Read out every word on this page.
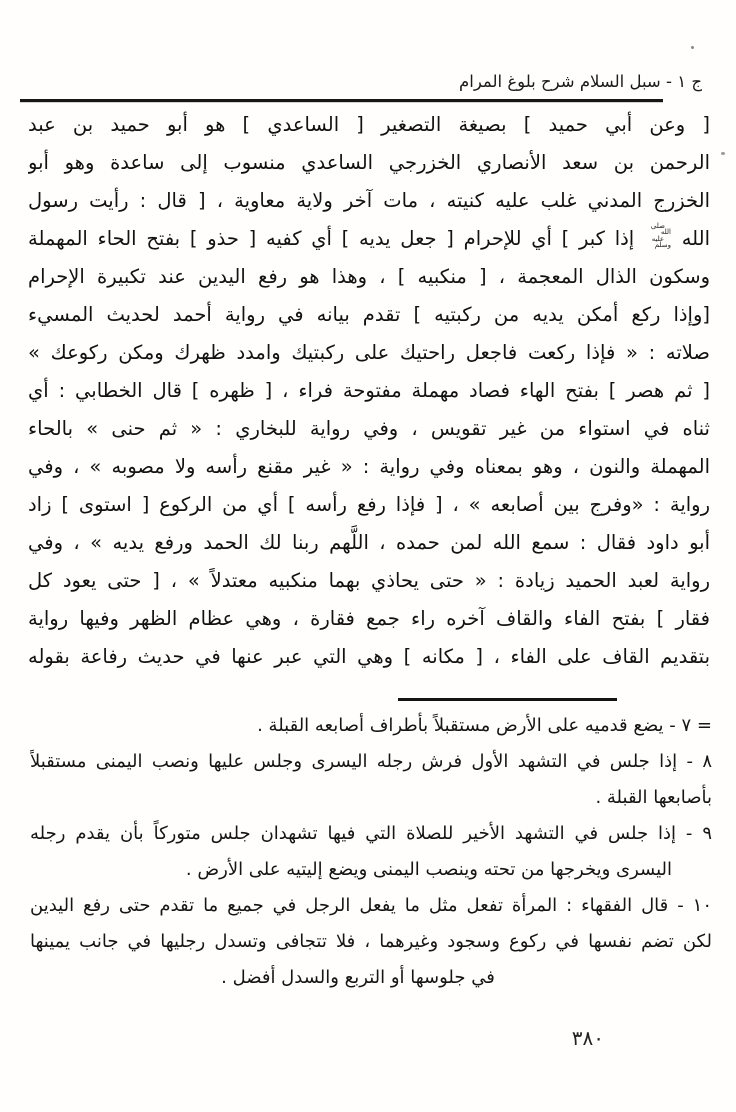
ج ١ - سبل السلام شرح بلوغ المرام
[ وعن أبي حميد ] بصيغة التصغير [ الساعدي ] هو أبو حميد بن عبد
الرحمن بن سعد الأنصاري الخزرجي الساعدي منسوب إلى ساعدة وهو أبو
الخزرج المدني غلب عليه كنيته ، مات آخر ولاية معاوية ، [ قال : رأيت رسول
الله
صلى الله
عليه وسلم
إذا كبر ] أي للإحرام [ جعل يديه ] أي كفيه [ حذو ] بفتح الحاء المهملة
وسكون الذال المعجمة ، [ منكبيه ] ، وهذا هو رفع اليدين عند تكبيرة الإحرام
[وإذا ركع أمكن يديه من ركبتيه ] تقدم بيانه في رواية أحمد لحديث المسيء
صلاته : « فإذا ركعت فاجعل راحتيك على ركبتيك وامدد ظهرك ومكن ركوعك »
[ ثم هصر ] بفتح الهاء فصاد مهملة مفتوحة فراء ، [ ظهره ] قال الخطابي : أي
ثناه في استواء من غير تقويس ، وفي رواية للبخاري : « ثم حنى » بالحاء
المهملة والنون ، وهو بمعناه وفي رواية : « غير مقنع رأسه ولا مصوبه » ، وفي
رواية : «وفرج بين أصابعه » ، [ فإذا رفع رأسه ] أي من الركوع [ استوى ] زاد
أبو داود فقال : سمع الله لمن حمده ، اللَّهم ربنا لك الحمد ورفع يديه » ، وفي
رواية لعبد الحميد زيادة : « حتى يحاذي بهما منكبيه معتدلاً » ، [ حتى يعود كل
فقار ] بفتح الفاء والقاف آخره راء جمع فقارة ، وهي عظام الظهر وفيها رواية
بتقديم القاف على الفاء ، [ مكانه ] وهي التي عبر عنها في حديث رفاعة بقوله
= ٧ - يضع قدميه على الأرض مستقبلاً بأطراف أصابعه القبلة .
٨ - إذا جلس في التشهد الأول فرش رجله اليسرى وجلس عليها ونصب اليمنى مستقبلاً
بأصابعها القبلة .
٩ - إذا جلس في التشهد الأخير للصلاة التي فيها تشهدان جلس متوركاً بأن يقدم رجله
اليسرى ويخرجها من تحته وينصب اليمنى ويضع إليتيه على الأرض .
١٠ - قال الفقهاء : المرأة تفعل مثل ما يفعل الرجل في جميع ما تقدم حتى رفع اليدين
لكن تضم نفسها في ركوع وسجود وغيرهما ، فلا تتجافى وتسدل رجليها في جانب يمينها
في جلوسها أو التربع والسدل أفضل .
٣٨٠
